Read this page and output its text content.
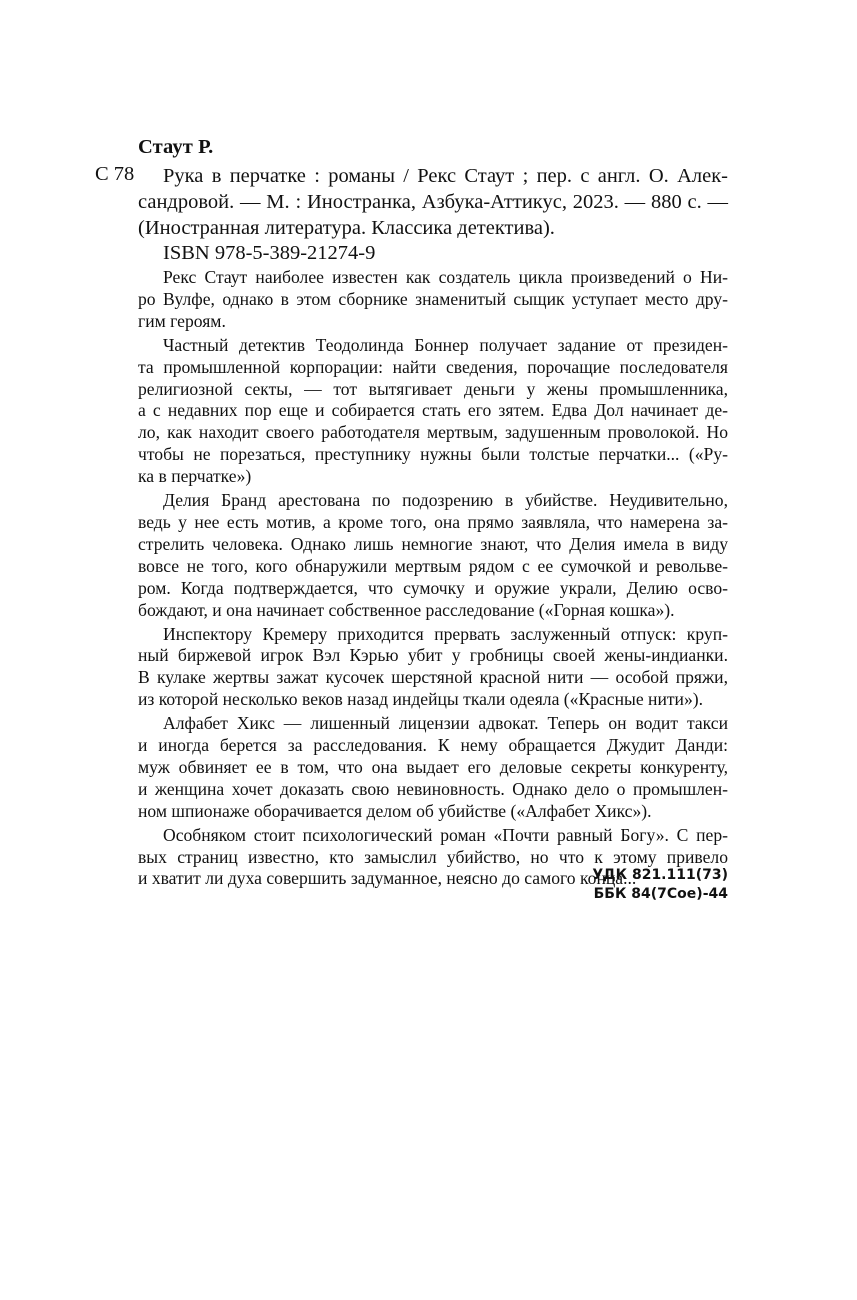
Стаут Р.
С 78	Рука в перчатке : романы / Рекс Стаут ; пер. с англ. О. Алек-
сандровой. — М. : Иностранка, Азбука-Аттикус, 2023. — 880 с. —
(Иностранная литература. Классика детектива).
ISBN 978-5-389-21274-9
Рекс Стаут наиболее известен как создатель цикла произведений о Ни-
ро Вулфе, однако в этом сборнике знаменитый сыщик уступает место дру-
гим героям.
Частный детектив Теодолинда Боннер получает задание от президен-
та промышленной корпорации: найти сведения, порочащие последователя
религиозной секты, — тот вытягивает деньги у жены промышленника,
а с недавних пор еще и собирается стать его зятем. Едва Дол начинает де-
ло, как находит своего работодателя мертвым, задушенным проволокой. Но
чтобы не порезаться, преступнику нужны были толстые перчатки... («Ру-
ка в перчатке»)
Делия Бранд арестована по подозрению в убийстве. Неудивительно,
ведь у нее есть мотив, а кроме того, она прямо заявляла, что намерена за-
стрелить человека. Однако лишь немногие знают, что Делия имела в виду
вовсе не того, кого обнаружили мертвым рядом с ее сумочкой и револьве-
ром. Когда подтверждается, что сумочку и оружие украли, Делию осво-
бождают, и она начинает собственное расследование («Горная кошка»).
Инспектору Кремеру приходится прервать заслуженный отпуск: круп-
ный биржевой игрок Вэл Кэрью убит у гробницы своей жены-индианки.
В кулаке жертвы зажат кусочек шерстяной красной нити — особой пряжи,
из которой несколько веков назад индейцы ткали одеяла («Красные нити»).
Алфабет Хикс — лишенный лицензии адвокат. Теперь он водит такси
и иногда берется за расследования. К нему обращается Джудит Данди:
муж обвиняет ее в том, что она выдает его деловые секреты конкуренту,
и женщина хочет доказать свою невиновность. Однако дело о промышлен-
ном шпионаже оборачивается делом об убийстве («Алфабет Хикс»).
Особняком стоит психологический роман «Почти равный Богу». С пер-
вых страниц известно, кто замыслил убийство, но что к этому привело
и хватит ли духа совершить задуманное, неясно до самого конца...
УДК 821.111(73)
ББК 84(7Сое)-44
